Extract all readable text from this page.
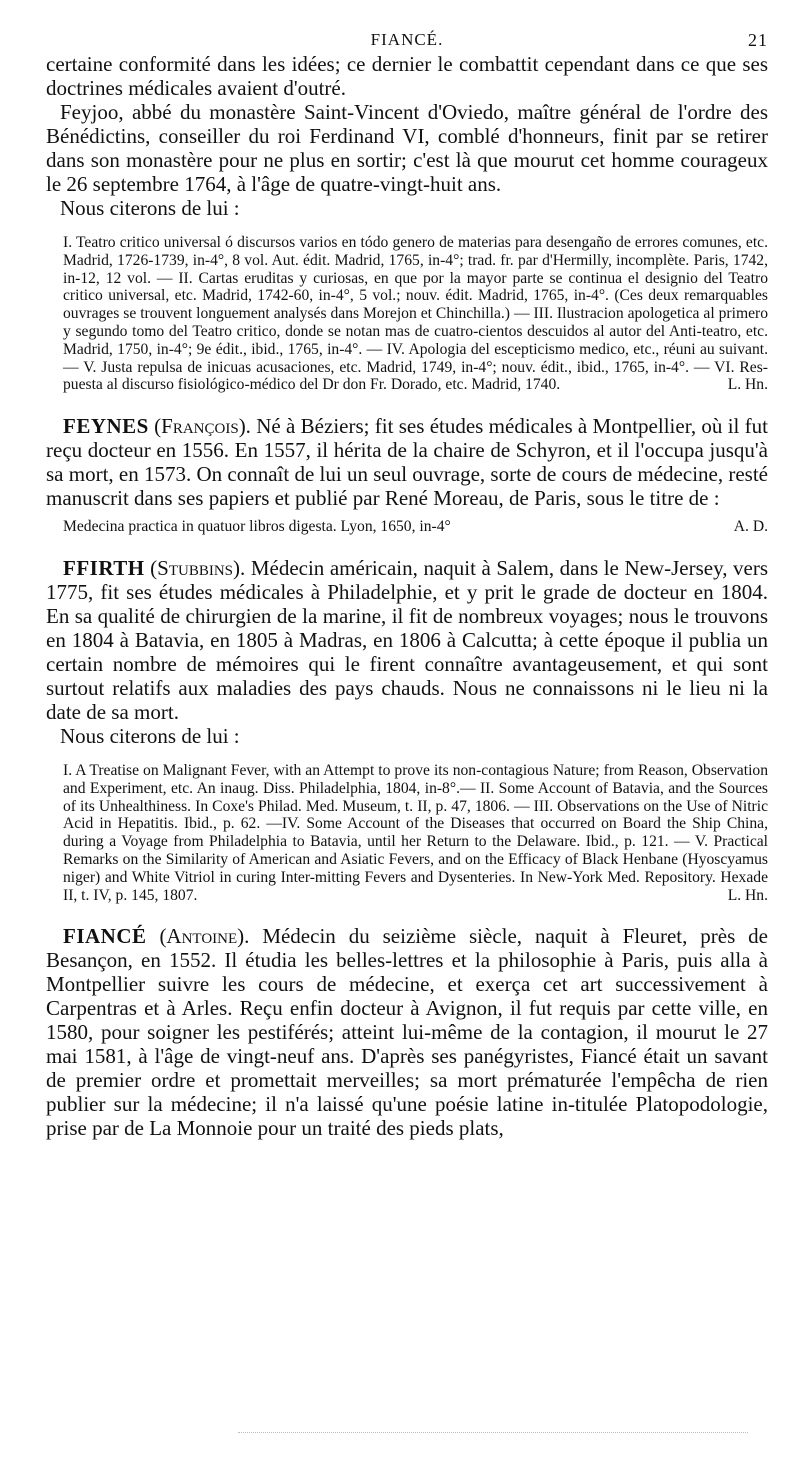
FIANCÉ.	21

certaine conformité dans les idées; ce dernier le combattit cependant dans ce que ses doctrines médicales avaient d'outré.

Feyjoo, abbé du monastère Saint-Vincent d'Oviedo, maître général de l'ordre des Bénédictins, conseiller du roi Ferdinand VI, comblé d'honneurs, finit par se retirer dans son monastère pour ne plus en sortir; c'est là que mourut cet homme courageux le 26 septembre 1764, à l'âge de quatre-vingt-huit ans.

Nous citerons de lui :

I. Teatro critico universal ó discursos varios en tódo genero de materias para desengaño de errores comunes, etc. Madrid, 1726-1739, in-4°, 8 vol. Aut. édit. Madrid, 1765, in-4°; trad. fr. par d'Hermilly, incomplète. Paris, 1742, in-12, 12 vol. — II. Cartas eruditas y curiosas, en que por la mayor parte se continua el designio del Teatro critico universal, etc. Madrid, 1742-60, in-4°, 5 vol.; nouv. édit. Madrid, 1765, in-4°. (Ces deux remarquables ouvrages se trouvent longuement analysés dans Morejon et Chinchilla.) — III. Ilustracion apologetica al primero y segundo tomo del Teatro critico, donde se notan mas de cuatro-cientos descuidos al autor del Anti-teatro, etc. Madrid, 1750, in-4°; 9e édit., ibid., 1765, in-4°. — IV. Apologia del escepticismo medico, etc., réuni au suivant. — V. Justa repulsa de inicuas acusaciones, etc. Madrid, 1749, in-4°; nouv. édit., ibid., 1765, in-4°. — VI. Res-puesta al discurso fisiológico-médico del Dr don Fr. Dorado, etc. Madrid, 1740.	L. Hn.

FEYNES (François). Né à Béziers; fit ses études médicales à Montpellier, où il fut reçu docteur en 1556. En 1557, il hérita de la chaire de Schyron, et il l'occupa jusqu'à sa mort, en 1573. On connaît de lui un seul ouvrage, sorte de cours de médecine, resté manuscrit dans ses papiers et publié par René Moreau, de Paris, sous le titre de :

Medecina practica in quatuor libros digesta. Lyon, 1650, in-4°	A. D.

FFIRTH (Stubbins). Médecin américain, naquit à Salem, dans le New-Jersey, vers 1775, fit ses études médicales à Philadelphie, et y prit le grade de docteur en 1804. En sa qualité de chirurgien de la marine, il fit de nombreux voyages; nous le trouvons en 1804 à Batavia, en 1805 à Madras, en 1806 à Calcutta; à cette époque il publia un certain nombre de mémoires qui le firent connaître avantageusement, et qui sont surtout relatifs aux maladies des pays chauds. Nous ne connaissons ni le lieu ni la date de sa mort.

Nous citerons de lui :

I. A Treatise on Malignant Fever, with an Attempt to prove its non-contagious Nature; from Reason, Observation and Experiment, etc. An inaug. Diss. Philadelphia, 1804, in-8°.— II. Some Account of Batavia, and the Sources of its Unhealthiness. In Coxe's Philad. Med. Museum, t. II, p. 47, 1806. — III. Observations on the Use of Nitric Acid in Hepatitis. Ibid., p. 62. —IV. Some Account of the Diseases that occurred on Board the Ship China, during a Voyage from Philadelphia to Batavia, until her Return to the Delaware. Ibid., p. 121. — V. Practical Remarks on the Similarity of American and Asiatic Fevers, and on the Efficacy of Black Henbane (Hyoscyamus niger) and White Vitriol in curing Inter-mitting Fevers and Dysenteries. In New-York Med. Repository. Hexade II, t. IV, p. 145, 1807.	L. Hn.

FIANCÉ (Antoine). Médecin du seizième siècle, naquit à Fleuret, près de Besançon, en 1552. Il étudia les belles-lettres et la philosophie à Paris, puis alla à Montpellier suivre les cours de médecine, et exerça cet art successivement à Carpentras et à Arles. Reçu enfin docteur à Avignon, il fut requis par cette ville, en 1580, pour soigner les pestiférés; atteint lui-même de la contagion, il mourut le 27 mai 1581, à l'âge de vingt-neuf ans. D'après ses panégyristes, Fiancé était un savant de premier ordre et promettait merveilles; sa mort prématurée l'empêcha de rien publier sur la médecine; il n'a laissé qu'une poésie latine in-titulée Platopodologie, prise par de La Monnoie pour un traité des pieds plats,
